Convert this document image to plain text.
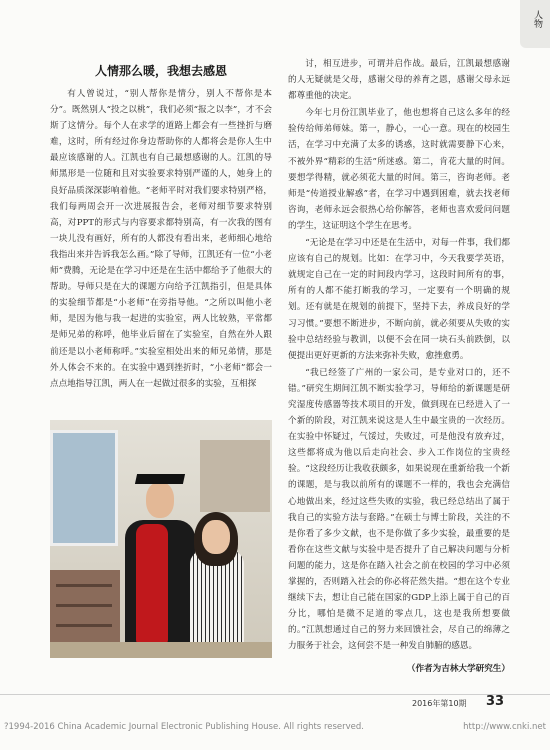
人物
人情那么暖，我想去感恩

有人曾说过，“别人帮你是情分，别人不帮你是本分”。既然别人“投之以桃”，我们必须“报之以李”，才不会斯了这情分。每个人在求学的道路上都会有一些挫折与磨难，这时，所有经过你身边帮助你的人都将会是你人生中最应该感谢的人。江凯也有自己最想感谢的人。江凯的导师黑形是一位随和且对实验要求特别严谨的人，她身上的良好品质深深影响着他。“老师平时对我们要求特别严格，我们每两周会开一次进展报告会，老师对细节要求特别高，对PPT的形式与内容要求都特别高，有一次我的图有一块儿没有画好，所有的人都没有看出来，老师细心地给我指出来并告诉我怎么画。”除了导师，江凯还有一位“小老师”费腾，无论是在学习中还是在生活中都给予了他很大的帮助。导师只是在大的课题方向给予江凯指引，但是具体的实验细节都是“小老师”在旁指导他。“之所以叫他小老师，是因为他与我一起进的实验室，两人比较熟，平常都是师兄弟的称呼，他毕业后留在了实验室，自然在外人跟前还是以小老师称呼。”实验室相处出来的师兄弟情，那是外人体会不来的。在实验中遇到挫折时，“小老师”都会一点点地指导江凯，两人在一起做过很多的实验，互相探

讨，相互进步，可谓并启作战。最后，江凯最想感谢的人无疑就是父母，感谢父母的养育之恩，感谢父母永远都尊重他的决定。

今年七月份江凯毕业了，他也想将自己这么多年的经验传给师弟师妹。第一，静心，一心一意。现在的校园生活，在学习中充满了太多的诱惑，这时就需要静下心来，不被外界“精彩的生活”所迷惑。第二，肯花大量的时间。要想学得精，就必须花大量的时间。第三，咨询老师。老师是“传道授业解惑”者，在学习中遇到困难，就去找老师咨询，老师永远会很热心给你解答，老师也喜欢爱问问题的学生，这证明这个学生在思考。

“无论是在学习中还是在生活中，对每一件事，我们都应该有自己的规划。比如：在学习中，今天我要学英语，就规定自己在一定的时间段内学习，这段时间所有的事，所有的人都不能打断我的学习，一定要有一个明确的规划。还有就是在规划的前提下，坚持下去，养成良好的学习习惯。”要想不断进步，不断向前，就必须要从失败的实验中总结经验与教训，以便不会在同一块石头前跌倒，以便提出更好更新的方法来弥补失败，愈挫愈勇。

“我已经签了广州的一家公司，是专业对口的，还不错。”研究生期间江凯不断实验学习，导师给的新课题是研究湿度传感器等技术项目的开发，做到现在已经进入了一个新的阶段，对江凯来说这是人生中最宝贵的一次经历。在实验中怀疑过，气馁过，失败过，可是他没有放弃过，这些都将成为他以后走向社会、步入工作岗位的宝贵经验。“这段经历让我收获颇多，如果说现在重新给我一个新的课题，是与我以前所有的课题不一样的，我也会充满信心地做出来，经过这些失败的实验，我已经总结出了属于我自己的实验方法与套路。”在硕士与博士阶段，关注的不是你看了多少文献，也不是你做了多少实验，最重要的是看你在这些文献与实验中是否提升了自己解决问题与分析问题的能力，这是你在踏入社会之前在校园的学习中必须掌握的，否则踏入社会的你必将茫然失措。“想在这个专业继续下去，想让自己能在国家的GDP上添上属于自己的百分比，哪怕是微不足道的零点几，这也是我所想要做的。”江凯想通过自己的努力来回馈社会，尽自己的绵薄之力服务于社会，这何尝不是一种发自肺腑的感恩。

（作者为吉林大学研究生）
2016年第10期 33
?1994-2016 China Academic Journal Electronic Publishing House. All rights reserved.	http://www.cnki.net
